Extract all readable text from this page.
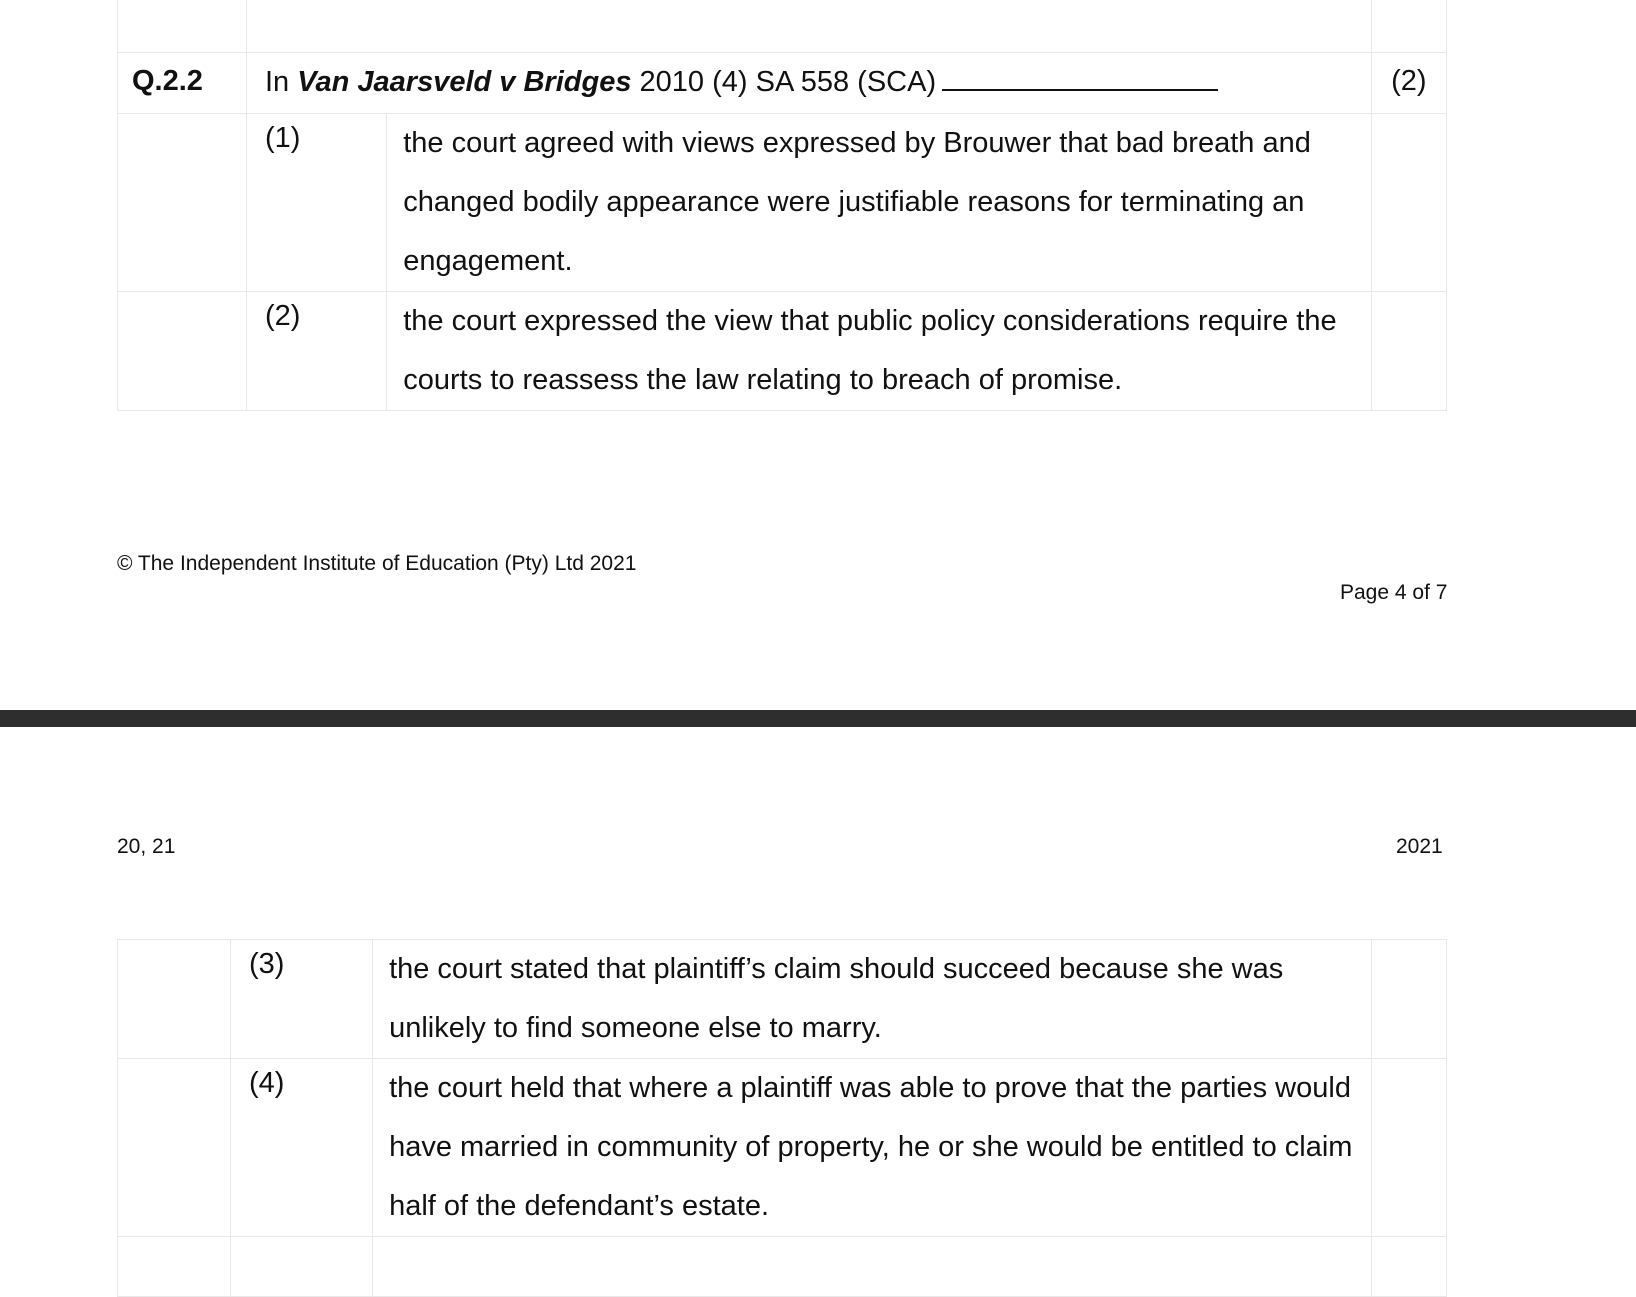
Q.2.2	In Van Jaarsveld v Bridges 2010 (4) SA 558 (SCA)		(2)
	(1)	the court agreed with views expressed by Brouwer that bad breath and changed bodily appearance were justifiable reasons for terminating an engagement.	
	(2)	the court expressed the view that public policy considerations require the courts to reassess the law relating to breach of promise.	
© The Independent Institute of Education (Pty) Ltd 2021
Page 4 of 7
20, 21	2021
	(3)	the court stated that plaintiff’s claim should succeed because she was unlikely to find someone else to marry.	
	(4)	the court held that where a plaintiff was able to prove that the parties would have married in community of property, he or she would be entitled to claim half of the defendant’s estate.	
